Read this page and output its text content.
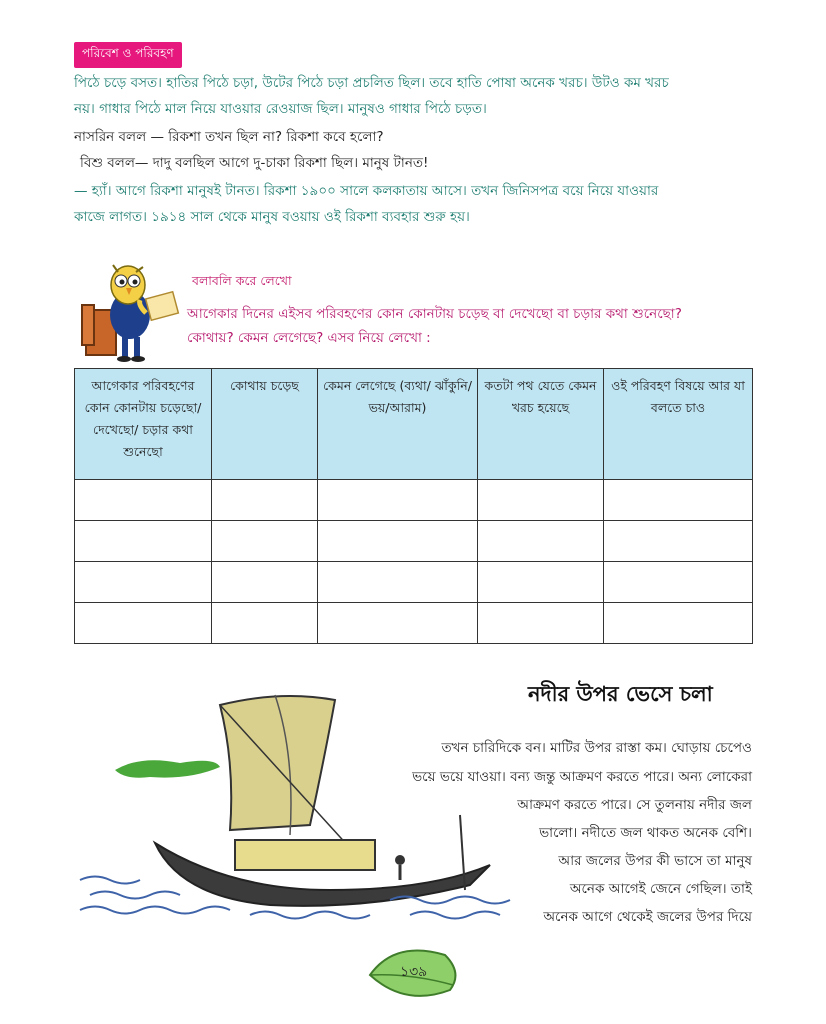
পরিবেশ ও পরিবহণ
পিঠে চড়ে বসত। হাতির পিঠে চড়া, উটের পিঠে চড়া প্রচলিত ছিল। তবে হাতি পোষা অনেক খরচ। উটও কম খরচ
নয়। গাধার পিঠে মাল নিয়ে যাওয়ার রেওয়াজ ছিল। মানুষও গাধার পিঠে চড়ত।
নাসরিন বলল — রিকশা তখন ছিল না? রিকশা কবে হলো?
বিশু বলল— দাদু বলছিল আগে দু-চাকা রিকশা ছিল। মানুষ টানত!
— হ্যাঁ। আগে রিকশা মানুষই টানত। রিকশা ১৯০০ সালে কলকাতায় আসে। তখন জিনিসপত্র বয়ে নিয়ে যাওয়ার
কাজে লাগত। ১৯১৪ সাল থেকে মানুষ বওয়ায় ওই রিকশা ব্যবহার শুরু হয়।
বলাবলি করে লেখো
আগেকার দিনের এইসব পরিবহণের কোন কোনটায় চড়েছ বা দেখেছো বা চড়ার কথা শুনেছো?
কোথায়? কেমন লেগেছে? এসব নিয়ে লেখো :
আগেকার পরিবহণের কোন কোনটায় চড়েছো/দেখেছো/ চড়ার কথা শুনেছো	কোথায় চড়েছ	কেমন লেগেছে (ব্যথা/ ঝাঁকুনি/ভয়/আরাম)	কতটা পথ যেতে কেমন খরচ হয়েছে	ওই পরিবহণ বিষয়ে আর যা বলতে চাও

নদীর উপর ভেসে চলা
তখন চারিদিকে বন। মাটির উপর রাস্তা কম। ঘোড়ায় চেপেও
ভয়ে ভয়ে যাওয়া। বন্য জন্তু আক্রমণ করতে পারে। অন্য লোকেরা
আক্রমণ করতে পারে। সে তুলনায় নদীর জল
ভালো। নদীতে জল থাকত অনেক বেশি।
আর জলের উপর কী ভাসে তা মানুষ
অনেক আগেই জেনে গেছিল। তাই
অনেক আগে থেকেই জলের উপর দিয়ে
১৩৯
